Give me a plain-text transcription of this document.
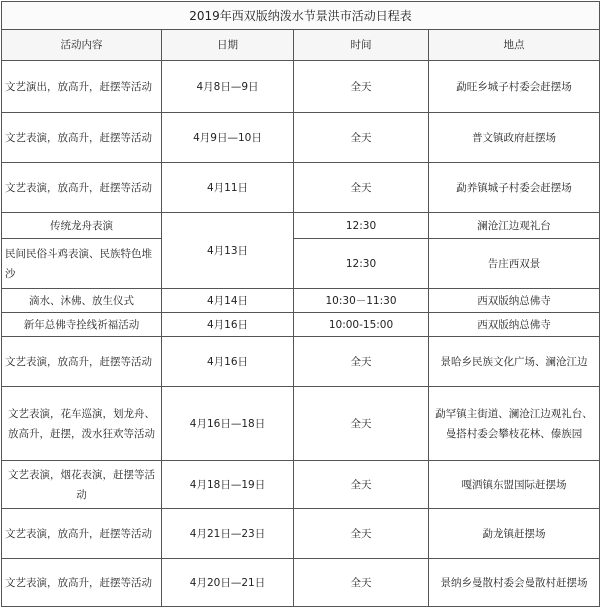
2019年西双版纳泼水节景洪市活动日程表			
活动内容	日期	时间	地点
文艺演出，放高升，赶摆等活动	4月8日—9日	全天	勐旺乡城子村委会赶摆场
文艺表演，放高升，赶摆等活动	4月9日—10日	全天	普文镇政府赶摆场
文艺表演，放高升，赶摆等活动	4月11日	全天	勐养镇城子村委会赶摆场
传统龙舟表演	4月13日	12:30	澜沧江边观礼台
民间民俗斗鸡表演、民族特色堆沙		12:30	告庄西双景
滴水、沐佛、放生仪式	4月14日	10:30－11:30	西双版纳总佛寺
新年总佛寺拴线祈福活动	4月16日	10:00-15:00	西双版纳总佛寺
文艺表演，放高升，赶摆等活动	4月16日	全天	景哈乡民族文化广场、澜沧江边
文艺表演，花车巡演，划龙舟、放高升，赶摆，泼水狂欢等活动	4月16日—18日	全天	勐罕镇主街道、澜沧江边观礼台、曼搭村委会攀枝花林、傣族园
文艺表演，烟花表演，赶摆等活动	4月18日—19日	全天	嘎洒镇东盟国际赶摆场
文艺表演，放高升，赶摆等活动	4月21日—23日	全天	勐龙镇赶摆场
文艺表演，放高升，赶摆等活动	4月20日—21日	全天	景纳乡曼散村委会曼散村赶摆场
